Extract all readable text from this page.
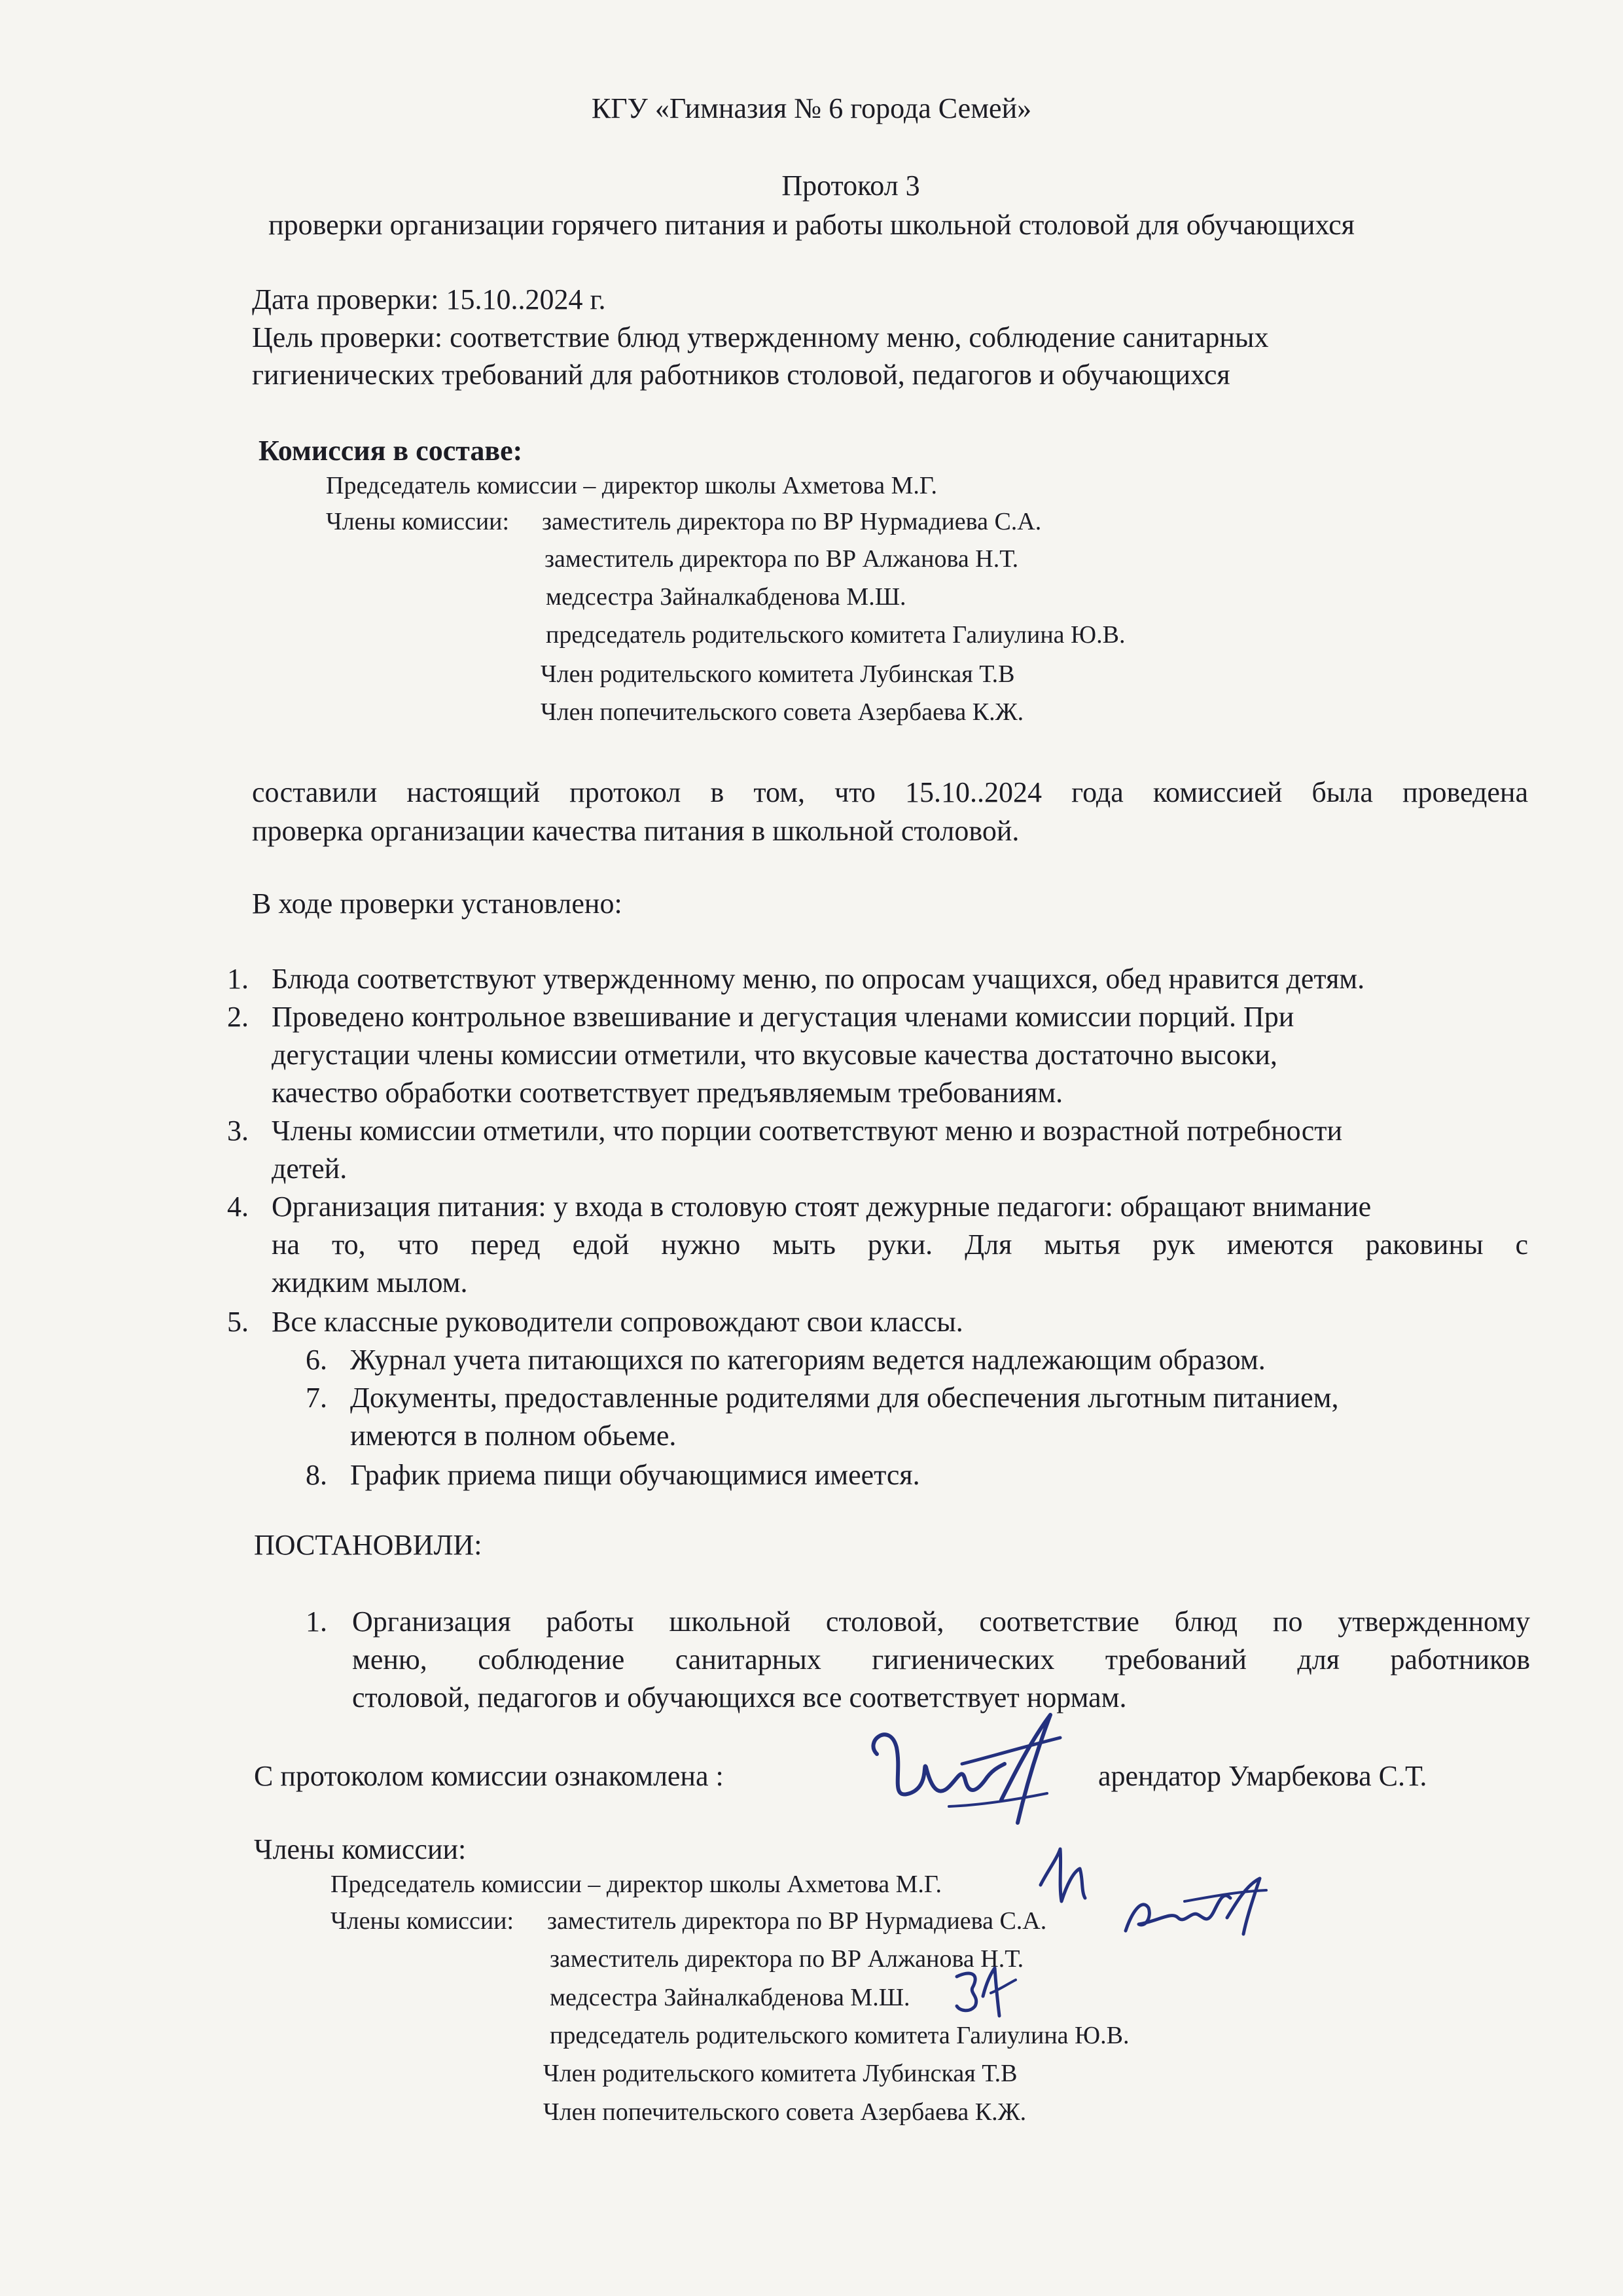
КГУ «Гимназия № 6 города Семей»
Протокол 3
проверки организации горячего питания и работы школьной столовой для обучающихся
Дата проверки: 15.10..2024 г.
Цель проверки: соответствие блюд утвержденному меню, соблюдение санитарных
гигиенических требований для работников столовой, педагогов и обучающихся
Комиссия в составе:
Председатель комиссии – директор школы Ахметова М.Г.
Члены комиссии: заместитель директора по ВР Нурмадиева С.А.
заместитель директора по ВР Алжанова Н.Т.
медсестра Зайналкабденова М.Ш.
председатель родительского комитета Галиулина Ю.В.
Член родительского комитета Лубинская Т.В
Член попечительского совета Азербаева К.Ж.
составили настоящий протокол в том, что 15.10..2024 года комиссией была проведена
проверка организации качества питания в школьной столовой.
В ходе проверки установлено:
1. Блюда соответствуют утвержденному меню, по опросам учащихся, обед нравится детям.
2. Проведено контрольное взвешивание и дегустация членами комиссии порций. При
дегустации члены комиссии отметили, что вкусовые качества достаточно высоки,
качество обработки соответствует предъявляемым требованиям.
3. Члены комиссии отметили, что порции соответствуют меню и возрастной потребности
детей.
4. Организация питания: у входа в столовую стоят дежурные педагоги: обращают внимание
на то, что перед едой нужно мыть руки. Для мытья рук имеются раковины с
жидким мылом.
5. Все классные руководители сопровождают свои классы.
6. Журнал учета питающихся по категориям ведется надлежающим образом.
7. Документы, предоставленные родителями для обеспечения льготным питанием,
имеются в полном обьеме.
8. График приема пищи обучающимися имеется.
ПОСТАНОВИЛИ:
1. Организация работы школьной столовой, соответствие блюд по утвержденному
меню, соблюдение санитарных гигиенических требований для работников
столовой, педагогов и обучающихся все соответствует нормам.
С протоколом комиссии ознакомлена :	арендатор Умарбекова С.Т.
Члены комиссии:
Председатель комиссии – директор школы Ахметова М.Г.
Члены комиссии: заместитель директора по ВР Нурмадиева С.А.
заместитель директора по ВР Алжанова Н.Т.
медсестра Зайналкабденова М.Ш.
председатель родительского комитета Галиулина Ю.В.
Член родительского комитета Лубинская Т.В
Член попечительского совета Азербаева К.Ж.
